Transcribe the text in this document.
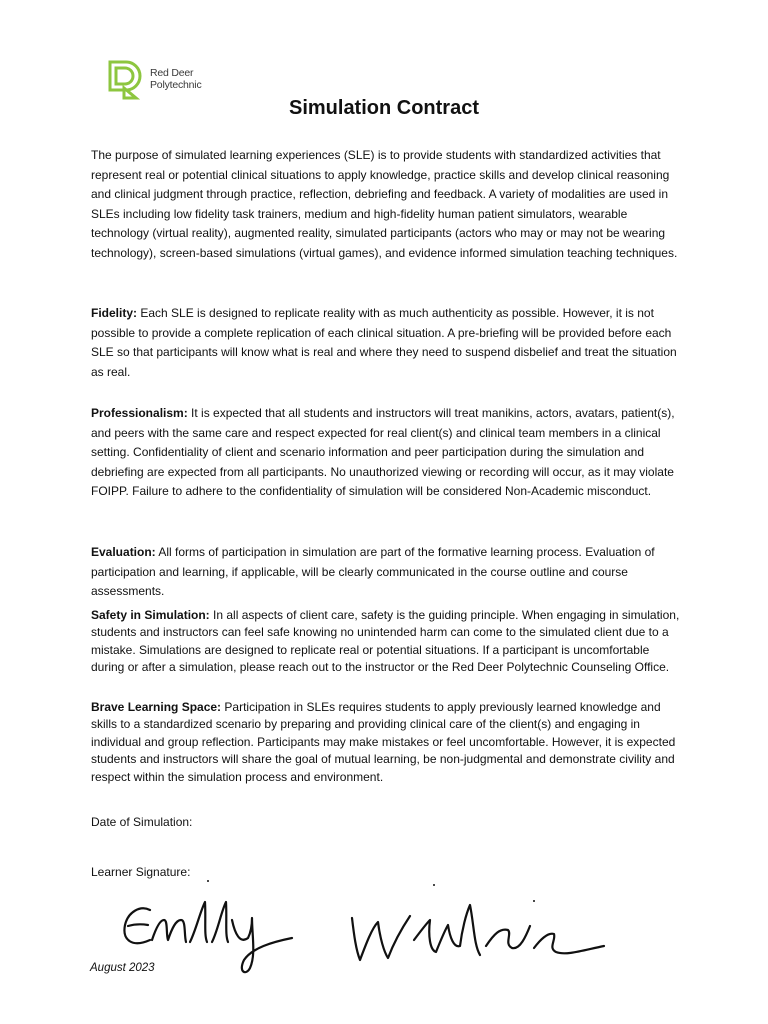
Red Deer
Polytechnic
Simulation Contract
The purpose of simulated learning experiences (SLE) is to provide students with standardized activities that represent real or potential clinical situations to apply knowledge, practice skills and develop clinical reasoning and clinical judgment through practice, reflection, debriefing and feedback. A variety of modalities are used in SLEs including low fidelity task trainers, medium and high-fidelity human patient simulators, wearable technology (virtual reality), augmented reality, simulated participants (actors who may or may not be wearing technology), screen-based simulations (virtual games), and evidence informed simulation teaching techniques.
Fidelity: Each SLE is designed to replicate reality with as much authenticity as possible. However, it is not possible to provide a complete replication of each clinical situation. A pre-briefing will be provided before each SLE so that participants will know what is real and where they need to suspend disbelief and treat the situation as real.
Professionalism: It is expected that all students and instructors will treat manikins, actors, avatars, patient(s), and peers with the same care and respect expected for real client(s) and clinical team members in a clinical setting. Confidentiality of client and scenario information and peer participation during the simulation and debriefing are expected from all participants. No unauthorized viewing or recording will occur, as it may violate FOIPP. Failure to adhere to the confidentiality of simulation will be considered Non-Academic misconduct.
Evaluation: All forms of participation in simulation are part of the formative learning process. Evaluation of participation and learning, if applicable, will be clearly communicated in the course outline and course assessments.
Safety in Simulation: In all aspects of client care, safety is the guiding principle. When engaging in simulation, students and instructors can feel safe knowing no unintended harm can come to the simulated client due to a mistake. Simulations are designed to replicate real or potential situations. If a participant is uncomfortable during or after a simulation, please reach out to the instructor or the Red Deer Polytechnic Counseling Office.
Brave Learning Space: Participation in SLEs requires students to apply previously learned knowledge and skills to a standardized scenario by preparing and providing clinical care of the client(s) and engaging in individual and group reflection. Participants may make mistakes or feel uncomfortable. However, it is expected students and instructors will share the goal of mutual learning, be non-judgmental and demonstrate civility and respect within the simulation process and environment.
Date of Simulation:
Learner Signature:
August 2023
